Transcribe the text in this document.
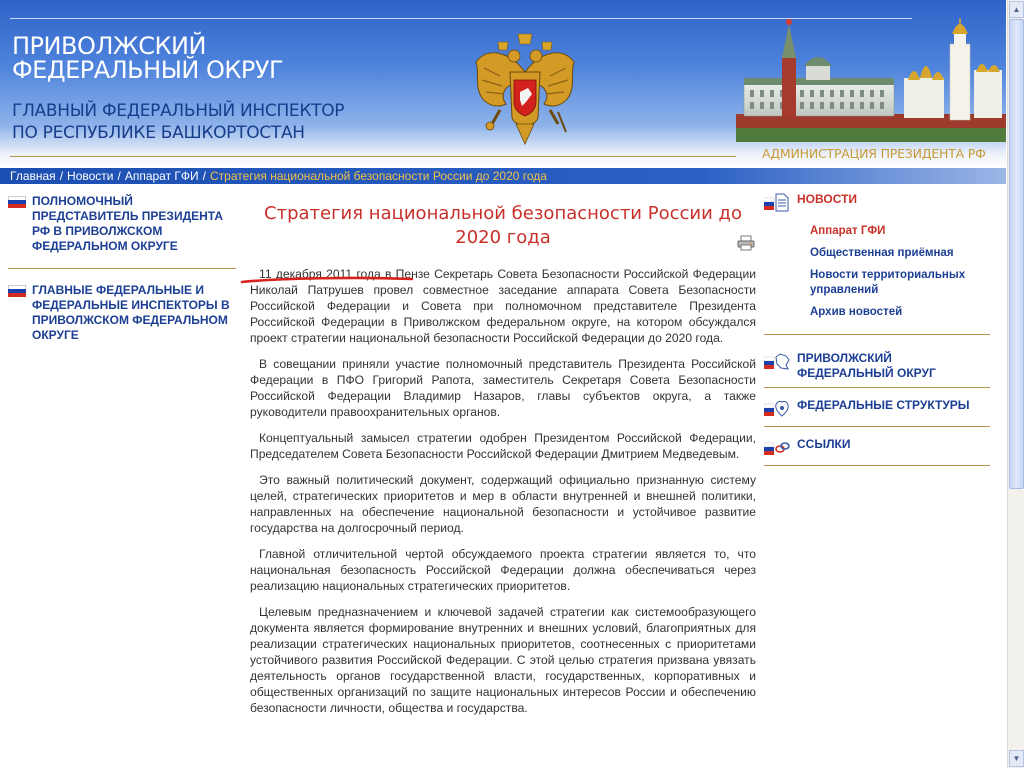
ПРИВОЛЖСКИЙ
ФЕДЕРАЛЬНЫЙ ОКРУГ
ГЛАВНЫЙ ФЕДЕРАЛЬНЫЙ ИНСПЕКТОР
ПО РЕСПУБЛИКЕ БАШКОРТОСТАН
АДМИНИСТРАЦИЯ ПРЕЗИДЕНТА РФ
Главная / Новости / Аппарат ГФИ / Стратегия национальной безопасности России до 2020 года
ПОЛНОМОЧНЫЙ ПРЕДСТАВИТЕЛЬ ПРЕЗИДЕНТА РФ В ПРИВОЛЖСКОМ ФЕДЕРАЛЬНОМ ОКРУГЕ
ГЛАВНЫЕ ФЕДЕРАЛЬНЫЕ И ФЕДЕРАЛЬНЫЕ ИНСПЕКТОРЫ В ПРИВОЛЖСКОМ ФЕДЕРАЛЬНОМ ОКРУГЕ
Стратегия национальной безопасности России до 2020 года

11 декабря 2011 года в Пензе Секретарь Совета Безопасности Российской Федерации Николай Патрушев провел совместное заседание аппарата Совета Безопасности Российской Федерации и Совета при полномочном представителе Президента Российской Федерации в Приволжском федеральном округе, на котором обсуждался проект стратегии национальной безопасности Российской Федерации до 2020 года.

В совещании приняли участие полномочный представитель Президента Российской Федерации в ПФО Григорий Рапота, заместитель Секретаря Совета Безопасности Российской Федерации Владимир Назаров, главы субъектов округа, а также руководители правоохранительных органов.

Концептуальный замысел стратегии одобрен Президентом Российской Федерации, Председателем Совета Безопасности Российской Федерации Дмитрием Медведевым.

Это важный политический документ, содержащий официально признанную систему целей, стратегических приоритетов и мер в области внутренней и внешней политики, направленных на обеспечение национальной безопасности и устойчивое развитие государства на долгосрочный период.

Главной отличительной чертой обсуждаемого проекта стратегии является то, что национальная безопасность Российской Федерации должна обеспечиваться через реализацию национальных стратегических приоритетов.

Целевым предназначением и ключевой задачей стратегии как системообразующего документа является формирование внутренних и внешних условий, благоприятных для реализации стратегических национальных приоритетов, соотнесенных с приоритетами устойчивого развития Российской Федерации. С этой целью стратегия призвана увязать деятельность органов государственной власти, государственных, корпоративных и общественных организаций по защите национальных интересов России и обеспечению безопасности личности, общества и государства.

НОВОСТИ
Аппарат ГФИ
Общественная приёмная
Новости территориальных управлений
Архив новостей
ПРИВОЛЖСКИЙ ФЕДЕРАЛЬНЫЙ ОКРУГ
ФЕДЕРАЛЬНЫЕ СТРУКТУРЫ
ССЫЛКИ
▲
▼
